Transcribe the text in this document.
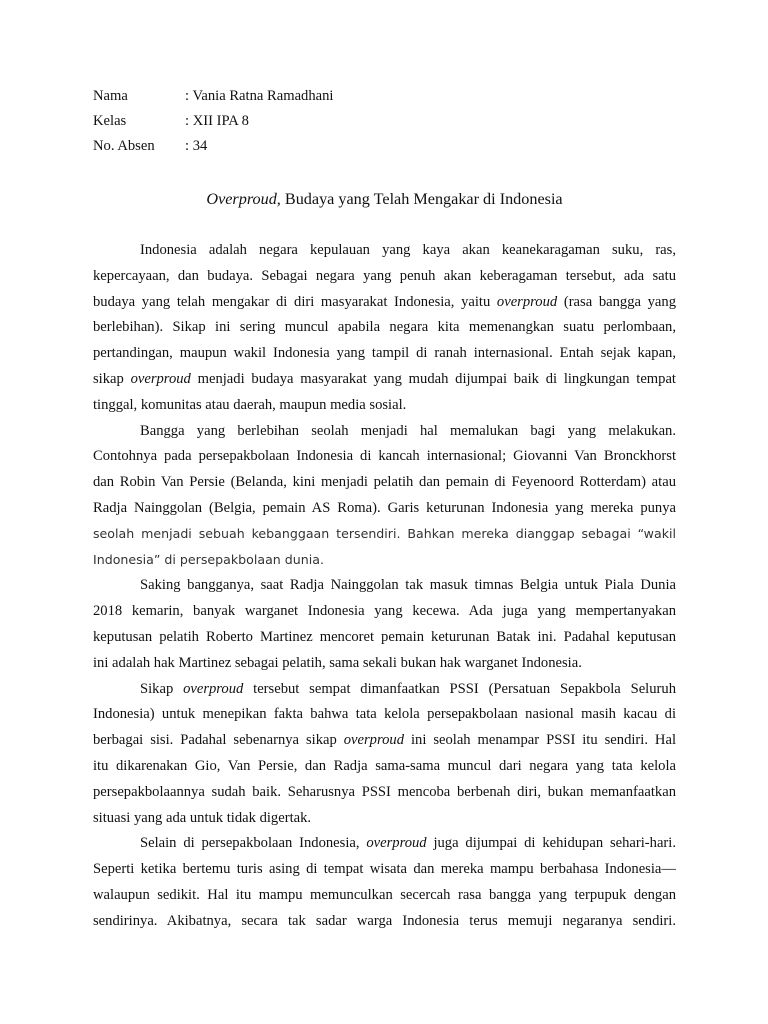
Nama	: Vania Ratna Ramadhani
Kelas	: XII IPA 8
No. Absen	: 34
Overproud, Budaya yang Telah Mengakar di Indonesia
Indonesia adalah negara kepulauan yang kaya akan keanekaragaman suku, ras,
kepercayaan, dan budaya. Sebagai negara yang penuh akan keberagaman tersebut, ada satu
budaya yang telah mengakar di diri masyarakat Indonesia, yaitu overproud (rasa bangga yang
berlebihan). Sikap ini sering muncul apabila negara kita memenangkan suatu perlombaan,
pertandingan, maupun wakil Indonesia yang tampil di ranah internasional. Entah sejak kapan,
sikap overproud menjadi budaya masyarakat yang mudah dijumpai baik di lingkungan tempat
tinggal, komunitas atau daerah, maupun media sosial.
Bangga yang berlebihan seolah menjadi hal memalukan bagi yang melakukan.
Contohnya pada persepakbolaan Indonesia di kancah internasional; Giovanni Van Bronckhorst
dan Robin Van Persie (Belanda, kini menjadi pelatih dan pemain di Feyenoord Rotterdam) atau
Radja Nainggolan (Belgia, pemain AS Roma). Garis keturunan Indonesia yang mereka punya
seolah menjadi sebuah kebanggaan tersendiri. Bahkan mereka dianggap sebagai “wakil
Indonesia” di persepakbolaan dunia.
Saking bangganya, saat Radja Nainggolan tak masuk timnas Belgia untuk Piala Dunia
2018 kemarin, banyak warganet Indonesia yang kecewa. Ada juga yang mempertanyakan
keputusan pelatih Roberto Martinez mencoret pemain keturunan Batak ini. Padahal keputusan
ini adalah hak Martinez sebagai pelatih, sama sekali bukan hak warganet Indonesia.
Sikap overproud tersebut sempat dimanfaatkan PSSI (Persatuan Sepakbola Seluruh
Indonesia) untuk menepikan fakta bahwa tata kelola persepakbolaan nasional masih kacau di
berbagai sisi. Padahal sebenarnya sikap overproud ini seolah menampar PSSI itu sendiri. Hal
itu dikarenakan Gio, Van Persie, dan Radja sama-sama muncul dari negara yang tata kelola
persepakbolaannya sudah baik. Seharusnya PSSI mencoba berbenah diri, bukan memanfaatkan
situasi yang ada untuk tidak digertak.
Selain di persepakbolaan Indonesia, overproud juga dijumpai di kehidupan sehari-hari.
Seperti ketika bertemu turis asing di tempat wisata dan mereka mampu berbahasa Indonesia—
walaupun sedikit. Hal itu mampu memunculkan secercah rasa bangga yang terpupuk dengan
sendirinya. Akibatnya, secara tak sadar warga Indonesia terus memuji negaranya sendiri.
